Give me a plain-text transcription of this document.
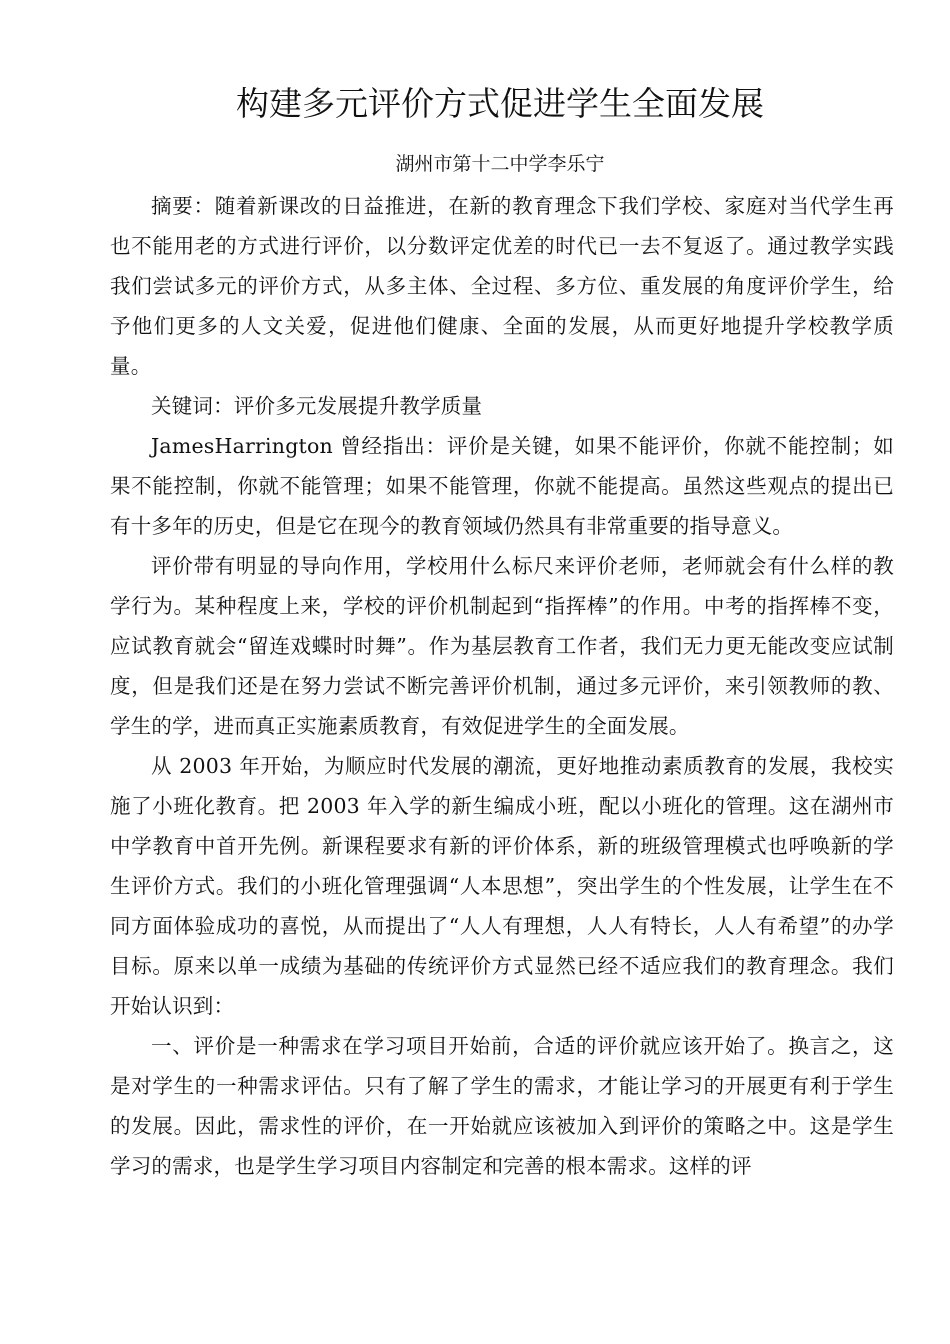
构建多元评价方式促进学生全面发展

湖州市第十二中学李乐宁

摘要：随着新课改的日益推进，在新的教育理念下我们学校、家庭对当代学生再也不能用老的方式进行评价，以分数评定优差的时代已一去不复返了。通过教学实践我们尝试多元的评价方式，从多主体、全过程、多方位、重发展的角度评价学生，给予他们更多的人文关爱，促进他们健康、全面的发展，从而更好地提升学校教学质量。

关键词：评价多元发展提升教学质量

JamesHarrington 曾经指出：评价是关键，如果不能评价，你就不能控制；如果不能控制，你就不能管理；如果不能管理，你就不能提高。虽然这些观点的提出已有十多年的历史，但是它在现今的教育领域仍然具有非常重要的指导意义。

评价带有明显的导向作用，学校用什么标尺来评价老师，老师就会有什么样的教学行为。某种程度上来，学校的评价机制起到“指挥棒”的作用。中考的指挥棒不变，应试教育就会“留连戏蝶时时舞”。作为基层教育工作者，我们无力更无能改变应试制度，但是我们还是在努力尝试不断完善评价机制，通过多元评价，来引领教师的教、学生的学，进而真正实施素质教育，有效促进学生的全面发展。

从 2003 年开始，为顺应时代发展的潮流，更好地推动素质教育的发展，我校实施了小班化教育。把 2003 年入学的新生编成小班，配以小班化的管理。这在湖州市中学教育中首开先例。新课程要求有新的评价体系，新的班级管理模式也呼唤新的学生评价方式。我们的小班化管理强调“人本思想”，突出学生的个性发展，让学生在不同方面体验成功的喜悦，从而提出了“人人有理想，人人有特长，人人有希望”的办学目标。原来以单一成绩为基础的传统评价方式显然已经不适应我们的教育理念。我们开始认识到：

一、评价是一种需求在学习项目开始前，合适的评价就应该开始了。换言之，这是对学生的一种需求评估。只有了解了学生的需求，才能让学习的开展更有利于学生的发展。因此，需求性的评价，在一开始就应该被加入到评价的策略之中。这是学生学习的需求，也是学生学习项目内容制定和完善的根本需求。这样的评
